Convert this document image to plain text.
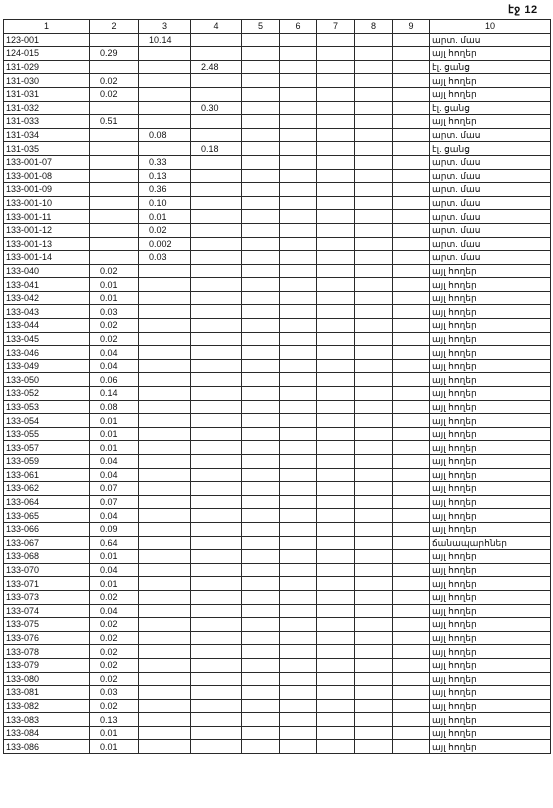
էջ 12
1	2	3	4	5	6	7	8	9	10
123-001		10.14							արտ. մաս
124-015	0.29								այլ հողեր
131-029			2.48						էլ. ցանց
131-030	0.02								այլ հողեր
131-031	0.02								այլ հողեր
131-032			0.30						էլ. ցանց
131-033	0.51								այլ հողեր
131-034		0.08							արտ. մաս
131-035			0.18						էլ. ցանց
133-001-07		0.33							արտ. մաս
133-001-08		0.13							արտ. մաս
133-001-09		0.36							արտ. մաս
133-001-10		0.10							արտ. մաս
133-001-11		0.01							արտ. մաս
133-001-12		0.02							արտ. մաս
133-001-13		0.002							արտ. մաս
133-001-14		0.03							արտ. մաս
133-040	0.02								այլ հողեր
133-041	0.01								այլ հողեր
133-042	0.01								այլ հողեր
133-043	0.03								այլ հողեր
133-044	0.02								այլ հողեր
133-045	0.02								այլ հողեր
133-046	0.04								այլ հողեր
133-049	0.04								այլ հողեր
133-050	0.06								այլ հողեր
133-052	0.14								այլ հողեր
133-053	0.08								այլ հողեր
133-054	0.01								այլ հողեր
133-055	0.01								այլ հողեր
133-057	0.01								այլ հողեր
133-059	0.04								այլ հողեր
133-061	0.04								այլ հողեր
133-062	0.07								այլ հողեր
133-064	0.07								այլ հողեր
133-065	0.04								այլ հողեր
133-066	0.09								այլ հողեր
133-067	0.64								ճանապարհներ
133-068	0.01								այլ հողեր
133-070	0.04								այլ հողեր
133-071	0.01								այլ հողեր
133-073	0.02								այլ հողեր
133-074	0.04								այլ հողեր
133-075	0.02								այլ հողեր
133-076	0.02								այլ հողեր
133-078	0.02								այլ հողեր
133-079	0.02								այլ հողեր
133-080	0.02								այլ հողեր
133-081	0.03								այլ հողեր
133-082	0.02								այլ հողեր
133-083	0.13								այլ հողեր
133-084	0.01								այլ հողեր
133-086	0.01								այլ հողեր
